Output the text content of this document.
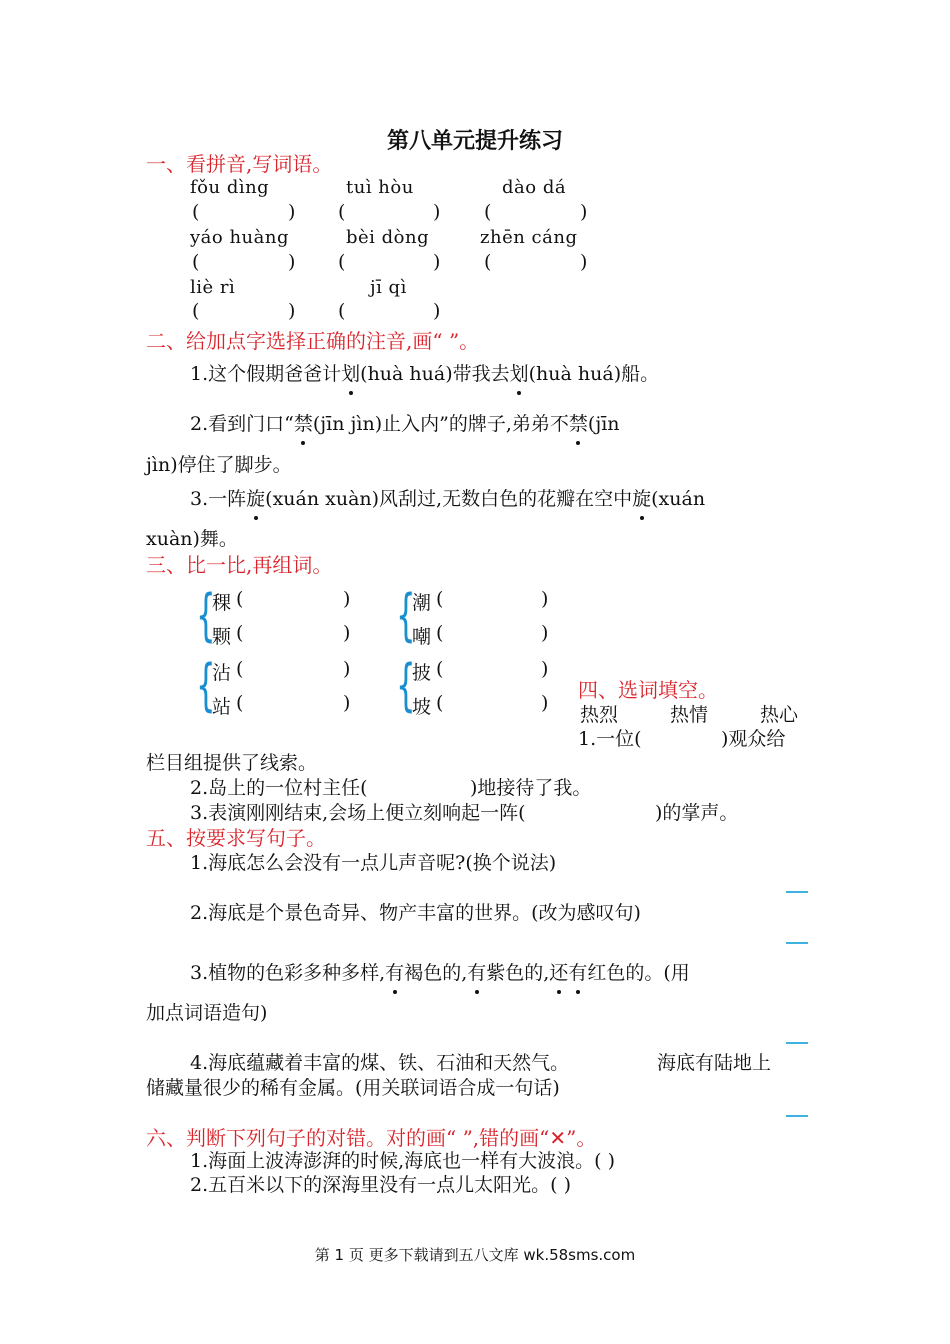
第八单元提升练习
一、看拼音,写词语。
fǒu dìng	tuì hòu	dào dá
(	) (	) (	)
yáo huàng	bèi dòng	zhēn cáng
(	) (	) (	)
liè rì	jī qì
(	) (	)
二、给加点字选择正确的注音,画“ ”。
1.这个假期爸爸计划(huà huá)带我去划(huà huá)船。
2.看到门口“禁(jīn jìn)止入内”的牌子,弟弟不禁(jīn
jìn)停住了脚步。
3.一阵旋(xuán xuàn)风刮过,无数白色的花瓣在空中旋(xuán
xuàn)舞。
三、比一比,再组词。
{
稞 (	)
颗 (	) {
潮 (	)
嘲 (	)
{
沾 (	)
站 (	) {
披 (	)
坡 (	)
四、选词填空。
热烈	热情	热心
1.一位(	)观众给
栏目组提供了线索。
2.岛上的一位村主任(	)地接待了我。
3.表演刚刚结束,会场上便立刻响起一阵(	)的掌声。
五、按要求写句子。
1.海底怎么会没有一点儿声音呢?(换个说法)
2.海底是个景色奇异、物产丰富的世界。(改为感叹句)
3.植物的色彩多种多样,有褐色的,有紫色的,还有红色的。(用
加点词语造句)
4.海底蕴藏着丰富的煤、铁、石油和天然气。	海底有陆地上
储藏量很少的稀有金属。(用关联词语合成一句话)
六、判断下列句子的对错。对的画“ ”,错的画“✕”。
1.海面上波涛澎湃的时候,海底也一样有大波浪。( )
2.五百米以下的深海里没有一点儿太阳光。( )
第 1 页 更多下载请到五八文库 wk.58sms.com
